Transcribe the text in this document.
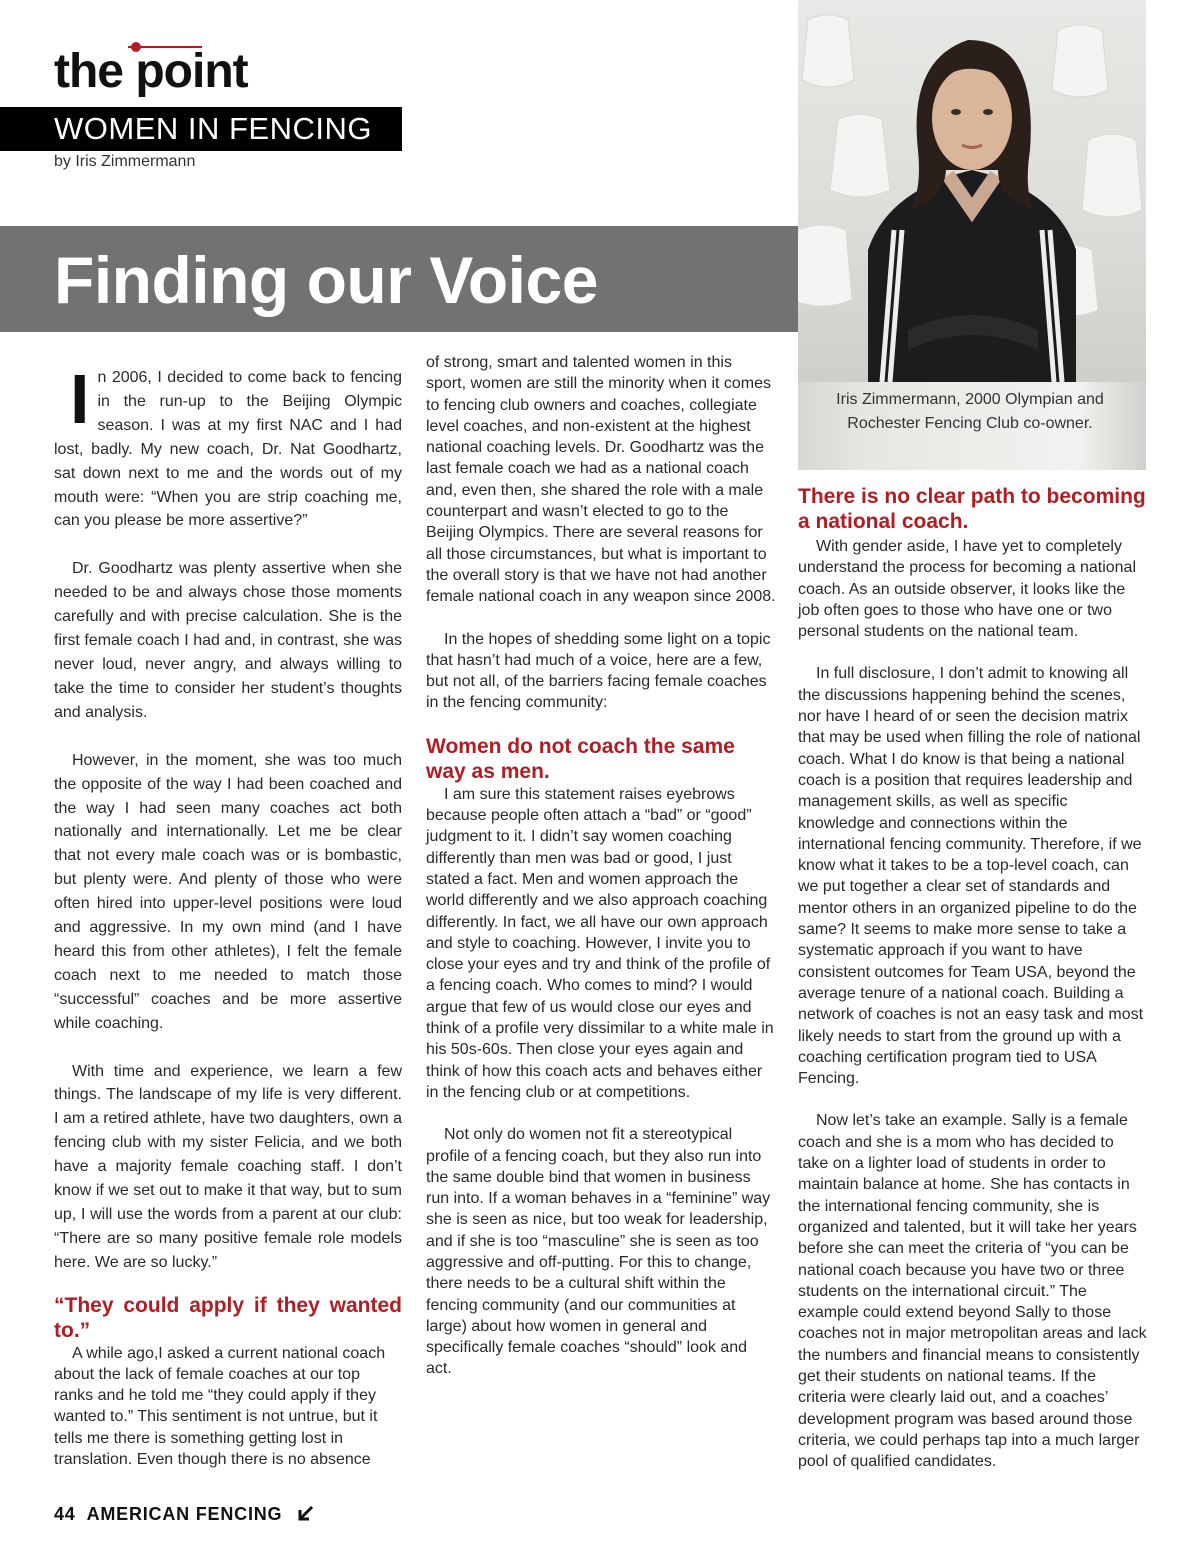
the point
WOMEN IN FENCING
by Iris Zimmermann
Finding our Voice
Iris Zimmermann, 2000 Olympian and
Rochester Fencing Club co-owner.

I n 2006, I decided to come back to fencing in the run-up to the Beijing Olympic season. I was at my first NAC and I had lost, badly. My new coach, Dr. Nat Goodhartz, sat down next to me and the words out of my mouth were: “When you are strip coaching me, can you please be more assertive?”

Dr. Goodhartz was plenty assertive when she needed to be and always chose those moments carefully and with precise calculation. She is the first female coach I had and, in contrast, she was never loud, never angry, and always willing to take the time to consider her student’s thoughts and analysis.

However, in the moment, she was too much the opposite of the way I had been coached and the way I had seen many coaches act both nationally and internationally. Let me be clear that not every male coach was or is bombastic, but plenty were. And plenty of those who were often hired into upper-level positions were loud and aggressive. In my own mind (and I have heard this from other athletes), I felt the female coach next to me needed to match those “successful” coaches and be more assertive while coaching.

With time and experience, we learn a few things. The landscape of my life is very different. I am a retired athlete, have two daughters, own a fencing club with my sister Felicia, and we both have a majority female coaching staff. I don’t know if we set out to make it that way, but to sum up, I will use the words from a parent at our club: “There are so many positive female role models here. We are so lucky.”

“They could apply if they wanted to.”

A while ago,I asked a current national coach about the lack of female coaches at our top ranks and he told me “they could apply if they wanted to.” This sentiment is not untrue, but it tells me there is something getting lost in translation. Even though there is no absence

of strong, smart and talented women in this sport, women are still the minority when it comes to fencing club owners and coaches, collegiate level coaches, and non-existent at the highest national coaching levels. Dr. Goodhartz was the last female coach we had as a national coach and, even then, she shared the role with a male counterpart and wasn’t elected to go to the Beijing Olympics. There are several reasons for all those circumstances, but what is important to the overall story is that we have not had another female national coach in any weapon since 2008.

In the hopes of shedding some light on a topic that hasn’t had much of a voice, here are a few, but not all, of the barriers facing female coaches in the fencing community:

Women do not coach the same way as men.

I am sure this statement raises eyebrows because people often attach a “bad” or “good” judgment to it. I didn’t say women coaching differently than men was bad or good, I just stated a fact. Men and women approach the world differently and we also approach coaching differently. In fact, we all have our own approach and style to coaching. However, I invite you to close your eyes and try and think of the profile of a fencing coach. Who comes to mind? I would argue that few of us would close our eyes and think of a profile very dissimilar to a white male in his 50s-60s. Then close your eyes again and think of how this coach acts and behaves either in the fencing club or at competitions.

Not only do women not fit a stereotypical profile of a fencing coach, but they also run into the same double bind that women in business run into. If a woman behaves in a “feminine” way she is seen as nice, but too weak for leadership, and if she is too “masculine” she is seen as too aggressive and off-putting. For this to change, there needs to be a cultural shift within the fencing community (and our communities at large) about how women in general and specifically female coaches “should” look and act.

There is no clear path to becoming a national coach.

With gender aside, I have yet to completely understand the process for becoming a national coach. As an outside observer, it looks like the job often goes to those who have one or two personal students on the national team.

In full disclosure, I don’t admit to knowing all the discussions happening behind the scenes, nor have I heard of or seen the decision matrix that may be used when filling the role of national coach. What I do know is that being a national coach is a position that requires leadership and management skills, as well as specific knowledge and connections within the international fencing community. Therefore, if we know what it takes to be a top-level coach, can we put together a clear set of standards and mentor others in an organized pipeline to do the same? It seems to make more sense to take a systematic approach if you want to have consistent outcomes for Team USA, beyond the average tenure of a national coach. Building a network of coaches is not an easy task and most likely needs to start from the ground up with a coaching certification program tied to USA Fencing.

Now let’s take an example. Sally is a female coach and she is a mom who has decided to take on a lighter load of students in order to maintain balance at home. She has contacts in the international fencing community, she is organized and talented, but it will take her years before she can meet the criteria of “you can be national coach because you have two or three students on the international circuit.” The example could extend beyond Sally to those coaches not in major metropolitan areas and lack the numbers and financial means to consistently get their students on national teams. If the criteria were clearly laid out, and a coaches’ development program was based around those criteria, we could perhaps tap into a much larger pool of qualified candidates.

44 AMERICAN FENCING
